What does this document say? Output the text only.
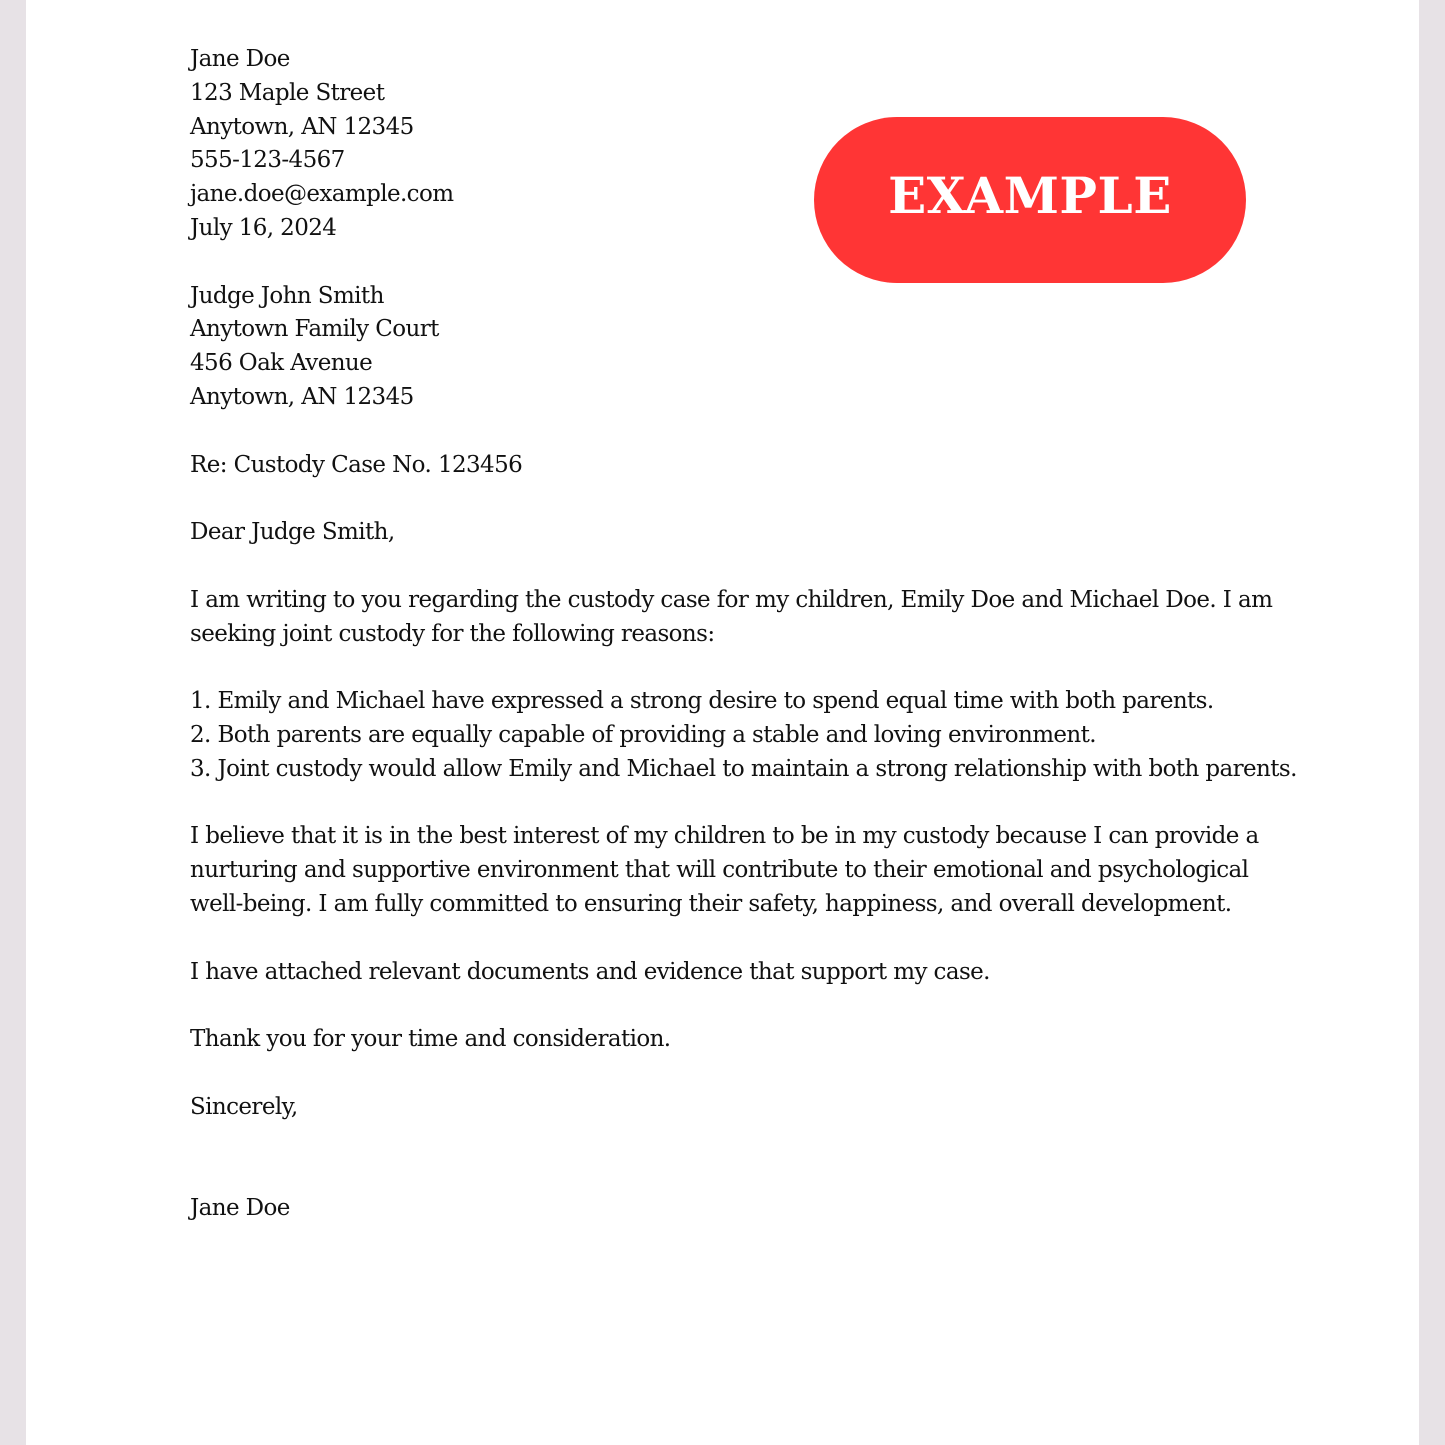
EXAMPLE
Jane Doe
123 Maple Street
Anytown, AN 12345
555-123-4567
jane.doe@example.com
July 16, 2024
Judge John Smith
Anytown Family Court
456 Oak Avenue
Anytown, AN 12345
Re: Custody Case No. 123456
Dear Judge Smith,
I am writing to you regarding the custody case for my children, Emily Doe and Michael Doe. I am seeking joint custody for the following reasons:
1. Emily and Michael have expressed a strong desire to spend equal time with both parents.
2. Both parents are equally capable of providing a stable and loving environment.
3. Joint custody would allow Emily and Michael to maintain a strong relationship with both parents.
I believe that it is in the best interest of my children to be in my custody because I can provide a nurturing and supportive environment that will contribute to their emotional and psychological well-being. I am fully committed to ensuring their safety, happiness, and overall development.
I have attached relevant documents and evidence that support my case.
Thank you for your time and consideration.
Sincerely,
Jane Doe
